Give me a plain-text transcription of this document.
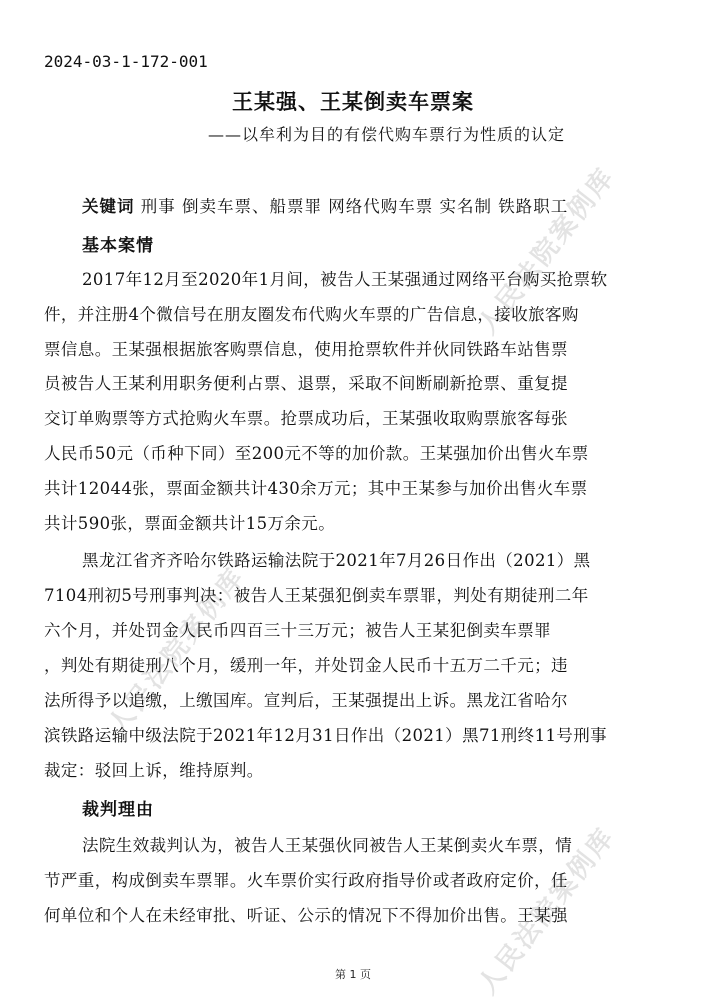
人民法院案例库
人民法院案例库
人民法院案例库
2024-03-1-172-001
王某强、王某倒卖车票案
——以牟利为目的有偿代购车票行为性质的认定
关键词 刑事 倒卖车票、船票罪 网络代购车票 实名制 铁路职工
基本案情
2017年12月至2020年1月间，被告人王某强通过网络平台购买抢票软
件，并注册4个微信号在朋友圈发布代购火车票的广告信息，接收旅客购
票信息。王某强根据旅客购票信息，使用抢票软件并伙同铁路车站售票
员被告人王某利用职务便利占票、退票，采取不间断刷新抢票、重复提
交订单购票等方式抢购火车票。抢票成功后，王某强收取购票旅客每张
人民币50元（币种下同）至200元不等的加价款。王某强加价出售火车票
共计12044张，票面金额共计430余万元；其中王某参与加价出售火车票
共计590张，票面金额共计15万余元。
黑龙江省齐齐哈尔铁路运输法院于2021年7月26日作出（2021）黑
7104刑初5号刑事判决：被告人王某强犯倒卖车票罪，判处有期徒刑二年
六个月，并处罚金人民币四百三十三万元；被告人王某犯倒卖车票罪
，判处有期徒刑八个月，缓刑一年，并处罚金人民币十五万二千元；违
法所得予以追缴，上缴国库。宣判后，王某强提出上诉。黑龙江省哈尔
滨铁路运输中级法院于2021年12月31日作出（2021）黑71刑终11号刑事
裁定：驳回上诉，维持原判。
裁判理由
法院生效裁判认为，被告人王某强伙同被告人王某倒卖火车票，情
节严重，构成倒卖车票罪。火车票价实行政府指导价或者政府定价，任
何单位和个人在未经审批、听证、公示的情况下不得加价出售。王某强
第 1 页
